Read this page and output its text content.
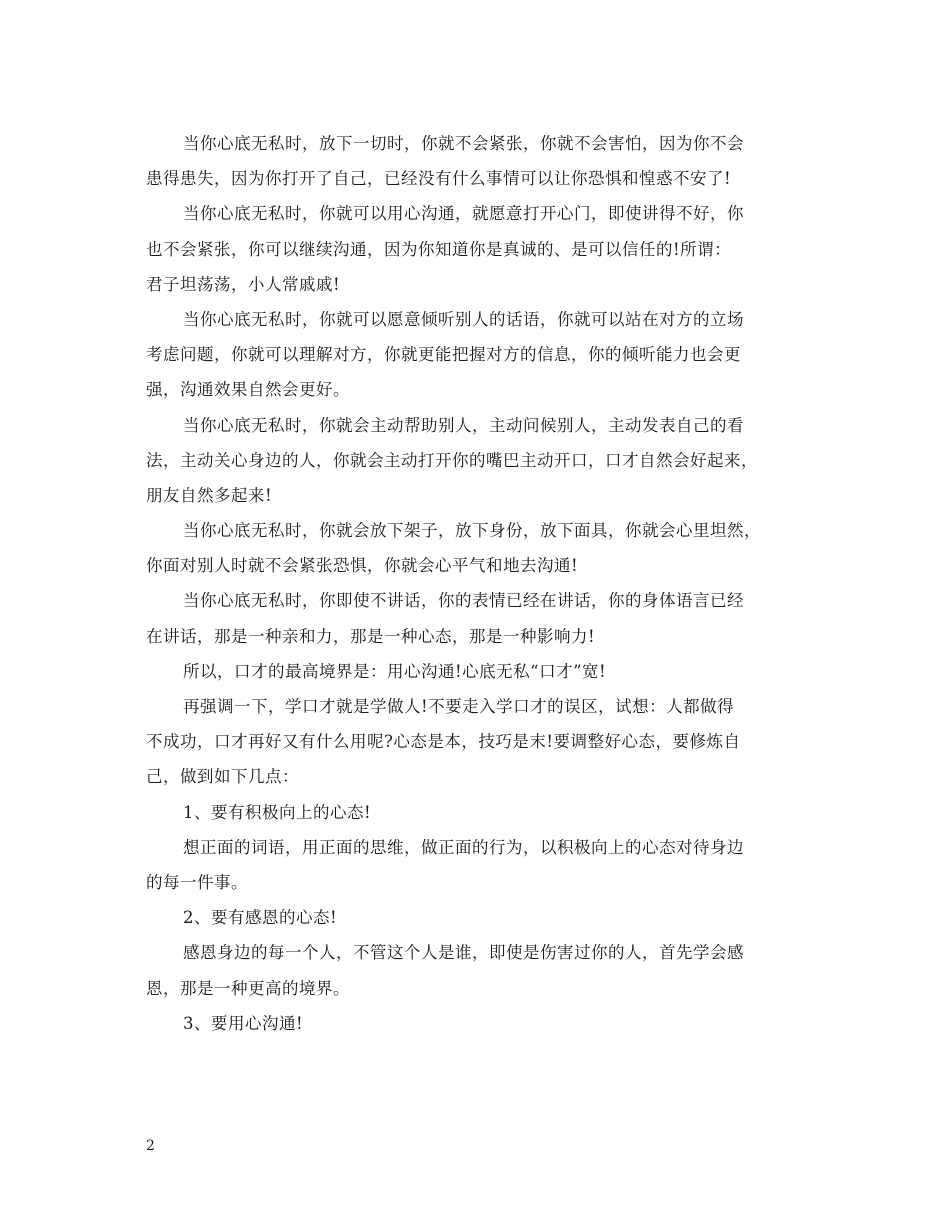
当你心底无私时，放下一切时，你就不会紧张，你就不会害怕，因为你不会
患得患失，因为你打开了自己，已经没有什么事情可以让你恐惧和惶惑不安了!
当你心底无私时，你就可以用心沟通，就愿意打开心门，即使讲得不好，你
也不会紧张，你可以继续沟通，因为你知道你是真诚的、是可以信任的!所谓：
君子坦荡荡，小人常戚戚!
当你心底无私时，你就可以愿意倾听别人的话语，你就可以站在对方的立场
考虑问题，你就可以理解对方，你就更能把握对方的信息，你的倾听能力也会更
强，沟通效果自然会更好。
当你心底无私时，你就会主动帮助别人，主动问候别人，主动发表自己的看
法，主动关心身边的人，你就会主动打开你的嘴巴主动开口，口才自然会好起来，
朋友自然多起来!
当你心底无私时，你就会放下架子，放下身份，放下面具，你就会心里坦然，
你面对别人时就不会紧张恐惧，你就会心平气和地去沟通!
当你心底无私时，你即使不讲话，你的表情已经在讲话，你的身体语言已经
在讲话，那是一种亲和力，那是一种心态，那是一种影响力!
所以，口才的最高境界是：用心沟通!心底无私“口才”宽!
再强调一下，学口才就是学做人!不要走入学口才的误区，试想：人都做得
不成功，口才再好又有什么用呢?心态是本，技巧是末!要调整好心态，要修炼自
己，做到如下几点：
1、要有积极向上的心态!
想正面的词语，用正面的思维，做正面的行为，以积极向上的心态对待身边
的每一件事。
2、要有感恩的心态!
感恩身边的每一个人，不管这个人是谁，即使是伤害过你的人，首先学会感
恩，那是一种更高的境界。
3、要用心沟通!
2
